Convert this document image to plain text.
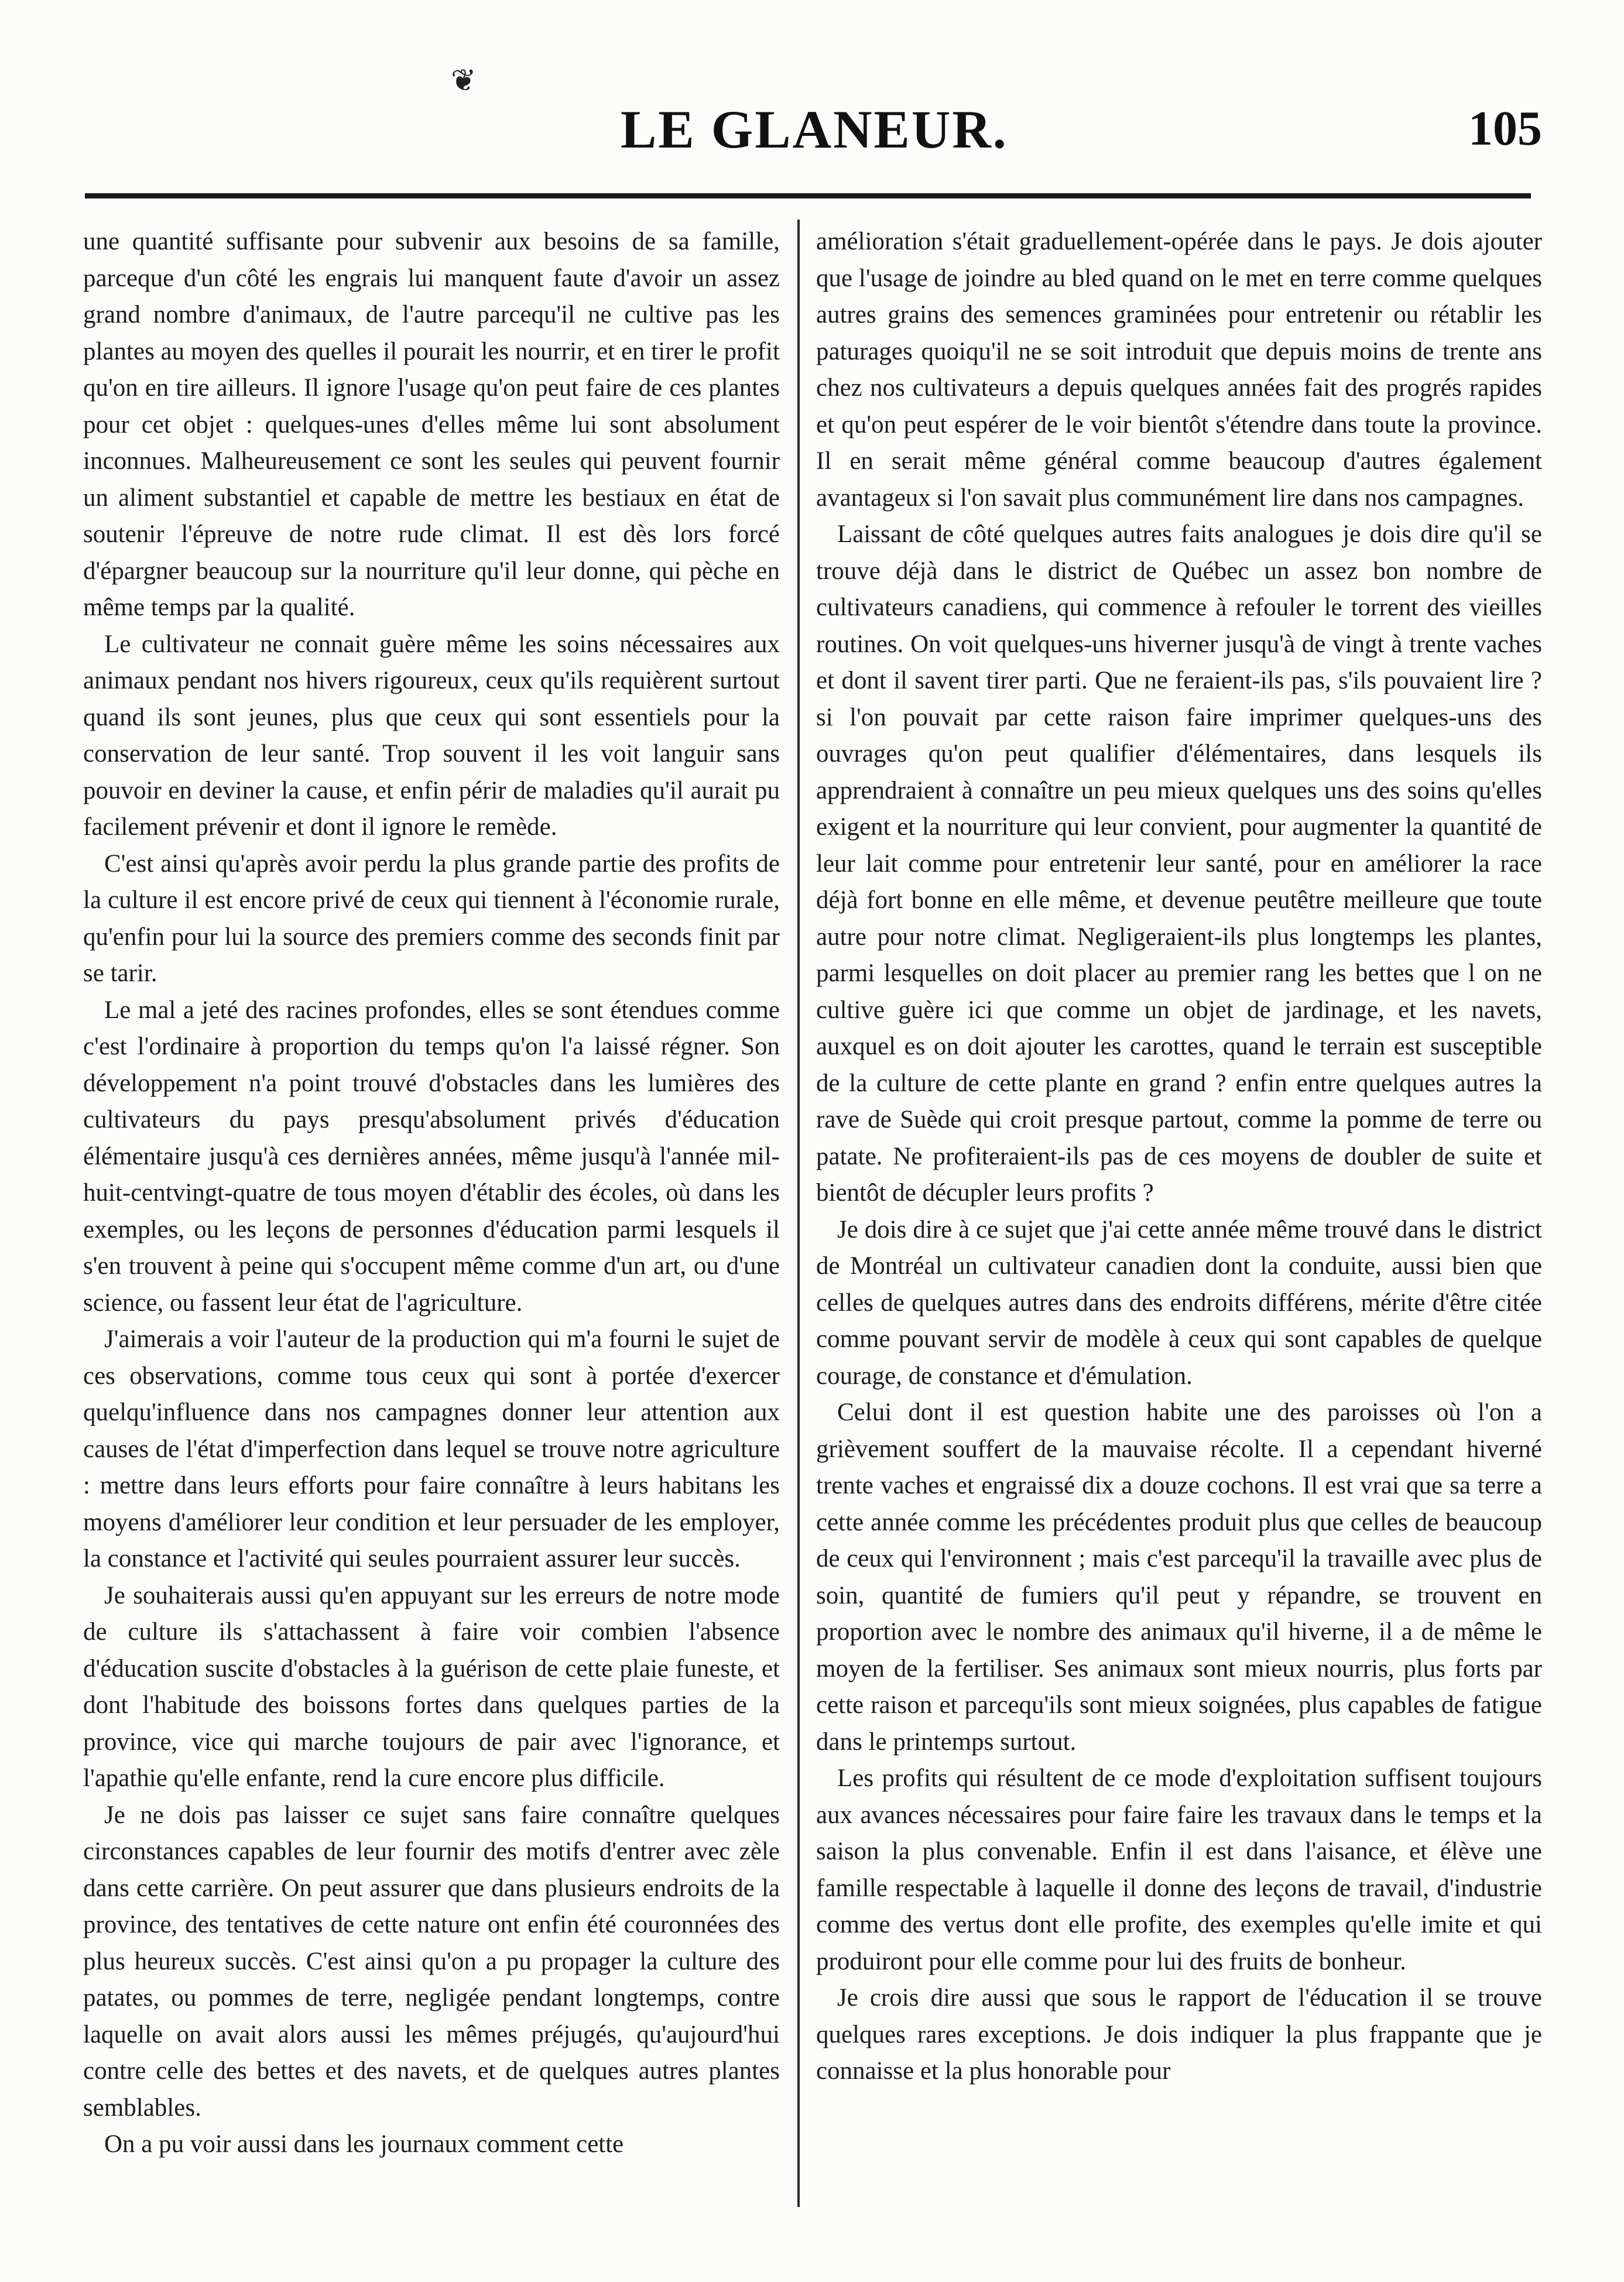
❦
LE GLANEUR.	105

une quantité suffisante pour subvenir aux besoins de sa famille, parceque d'un côté les engrais lui manquent faute d'avoir un assez grand nombre d'animaux, de l'autre parcequ'il ne cultive pas les plantes au moyen des quelles il pourait les nourrir, et en tirer le profit qu'on en tire ailleurs. Il ignore l'usage qu'on peut faire de ces plantes pour cet objet : quelques-unes d'elles même lui sont absolument inconnues. Malheureusement ce sont les seules qui peuvent fournir un aliment substantiel et capable de mettre les bestiaux en état de soutenir l'épreuve de notre rude climat. Il est dès lors forcé d'épargner beaucoup sur la nourriture qu'il leur donne, qui pèche en même temps par la qualité.

Le cultivateur ne connait guère même les soins nécessaires aux animaux pendant nos hivers rigoureux, ceux qu'ils requièrent surtout quand ils sont jeunes, plus que ceux qui sont essentiels pour la conservation de leur santé. Trop souvent il les voit languir sans pouvoir en deviner la cause, et enfin périr de maladies qu'il aurait pu facilement prévenir et dont il ignore le remède.

C'est ainsi qu'après avoir perdu la plus grande partie des profits de la culture il est encore privé de ceux qui tiennent à l'économie rurale, qu'enfin pour lui la source des premiers comme des seconds finit par se tarir.

Le mal a jeté des racines profondes, elles se sont étendues comme c'est l'ordinaire à proportion du temps qu'on l'a laissé régner. Son développement n'a point trouvé d'obstacles dans les lumières des cultivateurs du pays presqu'absolument privés d'éducation élémentaire jusqu'à ces dernières années, même jusqu'à l'année mil-huit-centvingt-quatre de tous moyen d'établir des écoles, où dans les exemples, ou les leçons de personnes d'éducation parmi lesquels il s'en trouvent à peine qui s'occupent même comme d'un art, ou d'une science, ou fassent leur état de l'agriculture.

J'aimerais a voir l'auteur de la production qui m'a fourni le sujet de ces observations, comme tous ceux qui sont à portée d'exercer quelqu'influence dans nos campagnes donner leur attention aux causes de l'état d'imperfection dans lequel se trouve notre agriculture : mettre dans leurs efforts pour faire connaître à leurs habitans les moyens d'améliorer leur condition et leur persuader de les employer, la constance et l'activité qui seules pourraient assurer leur succès.

Je souhaiterais aussi qu'en appuyant sur les erreurs de notre mode de culture ils s'attachassent à faire voir combien l'absence d'éducation suscite d'obstacles à la guérison de cette plaie funeste, et dont l'habitude des boissons fortes dans quelques parties de la province, vice qui marche toujours de pair avec l'ignorance, et l'apathie qu'elle enfante, rend la cure encore plus difficile.

Je ne dois pas laisser ce sujet sans faire connaître quelques circonstances capables de leur fournir des motifs d'entrer avec zèle dans cette carrière. On peut assurer que dans plusieurs endroits de la province, des tentatives de cette nature ont enfin été couronnées des plus heureux succès. C'est ainsi qu'on a pu propager la culture des patates, ou pommes de terre, negligée pendant longtemps, contre laquelle on avait alors aussi les mêmes préjugés, qu'aujourd'hui contre celle des bettes et des navets, et de quelques autres plantes semblables.

On a pu voir aussi dans les journaux comment cette

amélioration s'était graduellement-opérée dans le pays. Je dois ajouter que l'usage de joindre au bled quand on le met en terre comme quelques autres grains des semences graminées pour entretenir ou rétablir les paturages quoiqu'il ne se soit introduit que depuis moins de trente ans chez nos cultivateurs a depuis quelques années fait des progrés rapides et qu'on peut espérer de le voir bientôt s'étendre dans toute la province. Il en serait même général comme beaucoup d'autres également avantageux si l'on savait plus communément lire dans nos campagnes.

Laissant de côté quelques autres faits analogues je dois dire qu'il se trouve déjà dans le district de Québec un assez bon nombre de cultivateurs canadiens, qui commence à refouler le torrent des vieilles routines. On voit quelques-uns hiverner jusqu'à de vingt à trente vaches et dont il savent tirer parti. Que ne feraient-ils pas, s'ils pouvaient lire ? si l'on pouvait par cette raison faire imprimer quelques-uns des ouvrages qu'on peut qualifier d'élémentaires, dans lesquels ils apprendraient à connaître un peu mieux quelques uns des soins qu'elles exigent et la nourriture qui leur convient, pour augmenter la quantité de leur lait comme pour entretenir leur santé, pour en améliorer la race déjà fort bonne en elle même, et devenue peutêtre meilleure que toute autre pour notre climat. Negligeraient-ils plus longtemps les plantes, parmi lesquelles on doit placer au premier rang les bettes que l on ne cultive guère ici que comme un objet de jardinage, et les navets, auxquel es on doit ajouter les carottes, quand le terrain est susceptible de la culture de cette plante en grand ? enfin entre quelques autres la rave de Suède qui croit presque partout, comme la pomme de terre ou patate. Ne profiteraient-ils pas de ces moyens de doubler de suite et bientôt de décupler leurs profits ?

Je dois dire à ce sujet que j'ai cette année même trouvé dans le district de Montréal un cultivateur canadien dont la conduite, aussi bien que celles de quelques autres dans des endroits différens, mérite d'être citée comme pouvant servir de modèle à ceux qui sont capables de quelque courage, de constance et d'émulation.

Celui dont il est question habite une des paroisses où l'on a grièvement souffert de la mauvaise récolte. Il a cependant hiverné trente vaches et engraissé dix a douze cochons. Il est vrai que sa terre a cette année comme les précédentes produit plus que celles de beaucoup de ceux qui l'environnent ; mais c'est parcequ'il la travaille avec plus de soin, quantité de fumiers qu'il peut y répandre, se trouvent en proportion avec le nombre des animaux qu'il hiverne, il a de même le moyen de la fertiliser. Ses animaux sont mieux nourris, plus forts par cette raison et parcequ'ils sont mieux soignées, plus capables de fatigue dans le printemps surtout.

Les profits qui résultent de ce mode d'exploitation suffisent toujours aux avances nécessaires pour faire faire les travaux dans le temps et la saison la plus convenable. Enfin il est dans l'aisance, et élève une famille respectable à laquelle il donne des leçons de travail, d'industrie comme des vertus dont elle profite, des exemples qu'elle imite et qui produiront pour elle comme pour lui des fruits de bonheur.

Je crois dire aussi que sous le rapport de l'éducation il se trouve quelques rares exceptions. Je dois indiquer la plus frappante que je connaisse et la plus honorable pour
